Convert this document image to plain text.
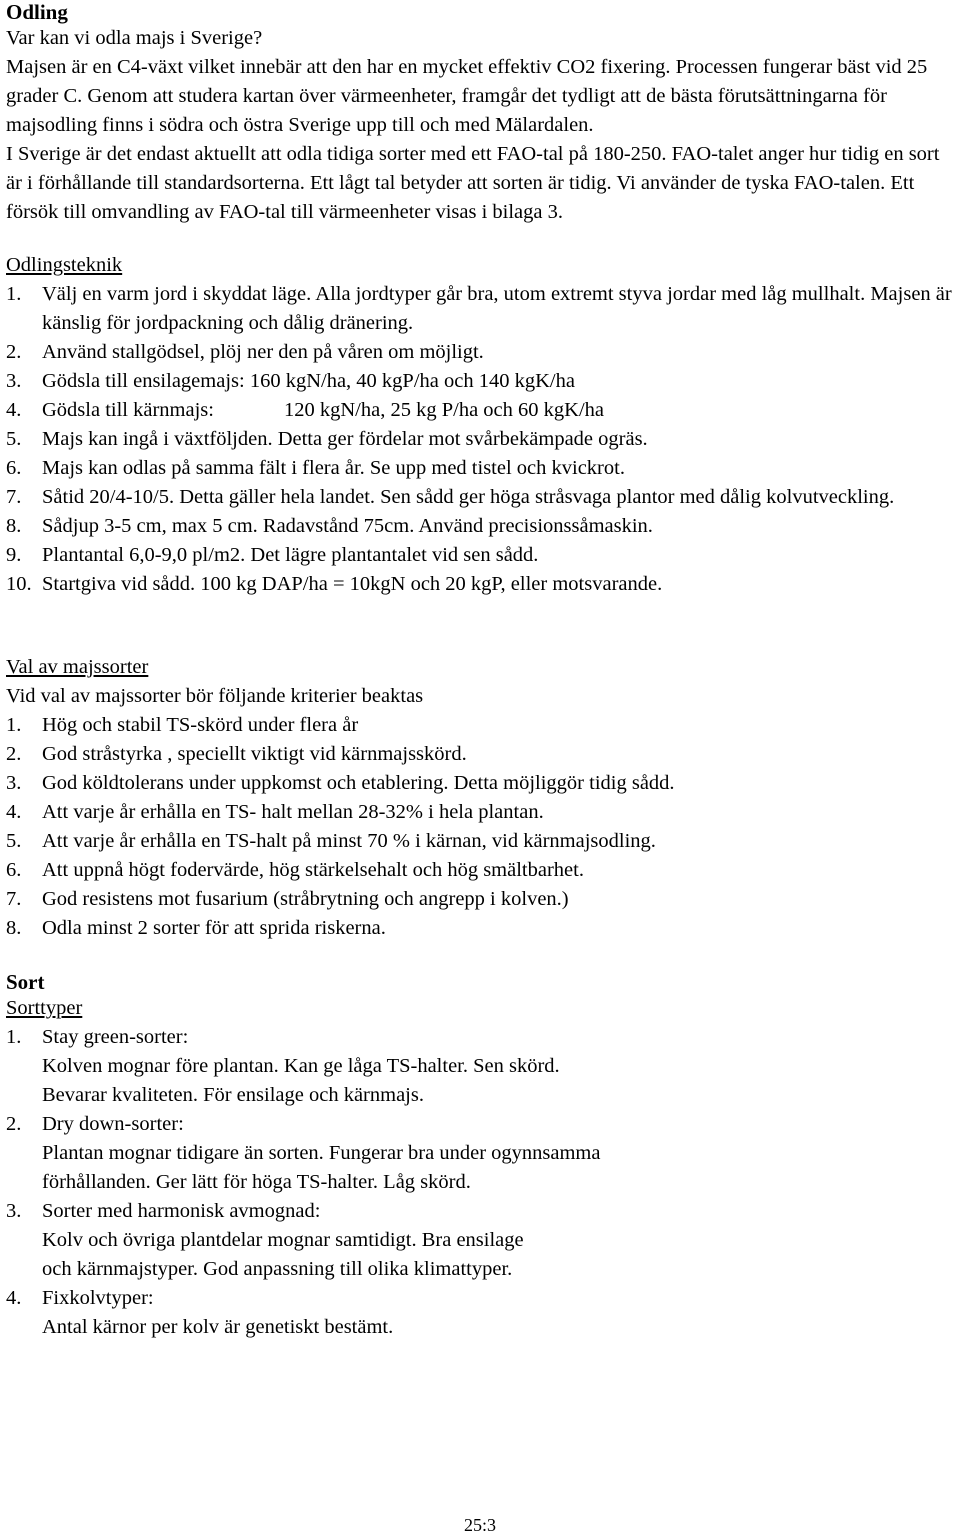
Odling

Var kan vi odla majs i Sverige?

Majsen är en C4-växt vilket innebär att den har en mycket effektiv CO2 fixering. Processen fungerar bäst vid 25 grader C. Genom att studera kartan över värmeenheter, framgår det tydligt att de bästa förutsättningarna för majsodling finns i södra och östra Sverige upp till och med Mälardalen.

I Sverige är det endast aktuellt att odla tidiga sorter med ett FAO-tal på 180-250. FAO-talet anger hur tidig en sort är i förhållande till standardsorterna. Ett lågt tal betyder att sorten är tidig. Vi använder de tyska FAO-talen. Ett försök till omvandling av FAO-tal till värmeenheter visas i bilaga 3.

Odlingsteknik

1.	Välj en varm jord i skyddat läge. Alla jordtyper går bra, utom extremt styva jordar med låg mullhalt. Majsen är känslig för jordpackning och dålig dränering.
2.	Använd stallgödsel, plöj ner den på våren om möjligt.
3.	Gödsla till ensilagemajs: 160 kgN/ha, 40 kgP/ha och 140 kgK/ha
4.	Gödsla till kärnmajs:	120 kgN/ha, 25 kg P/ha och 60 kgK/ha
5.	Majs kan ingå i växtföljden. Detta ger fördelar mot svårbekämpade ogräs.
6.	Majs kan odlas på samma fält i flera år. Se upp med tistel och kvickrot.
7.	Såtid 20/4-10/5. Detta gäller hela landet. Sen sådd ger höga stråsvaga plantor med dålig kolvutveckling.
8.	Sådjup 3-5 cm, max 5 cm. Radavstånd 75cm. Använd precisionssåmaskin.
9.	Plantantal 6,0-9,0 pl/m2. Det lägre plantantalet vid sen sådd.
10. Startgiva vid sådd. 100 kg DAP/ha = 10kgN och 20 kgP, eller motsvarande.

Val av majssorter

Vid val av majssorter bör följande kriterier beaktas

1.	Hög och stabil TS-skörd under flera år
2.	God stråstyrka , speciellt viktigt vid kärnmajsskörd.
3.	God köldtolerans under uppkomst och etablering. Detta möjliggör tidig sådd.
4.	Att varje år erhålla en TS- halt mellan 28-32% i hela plantan.
5.	Att varje år erhålla en TS-halt på minst 70 % i kärnan, vid kärnmajsodling.
6.	Att uppnå högt fodervärde, hög stärkelsehalt och hög smältbarhet.
7.	God resistens mot fusarium (stråbrytning och angrepp i kolven.)
8.	Odla minst 2 sorter för att sprida riskerna.

Sort

Sorttyper

1.	Stay green-sorter:
Kolven mognar före plantan. Kan ge låga TS-halter. Sen skörd.
Bevarar kvaliteten. För ensilage och kärnmajs.
2.	Dry down-sorter:
Plantan mognar tidigare än sorten. Fungerar bra under ogynnsamma
förhållanden. Ger lätt för höga TS-halter. Låg skörd.
3.	Sorter med harmonisk avmognad:
Kolv och övriga plantdelar mognar samtidigt. Bra ensilage
och kärnmajstyper. God anpassning till olika klimattyper.
4.	Fixkolvtyper:
Antal kärnor per kolv är genetiskt bestämt.
25:3
